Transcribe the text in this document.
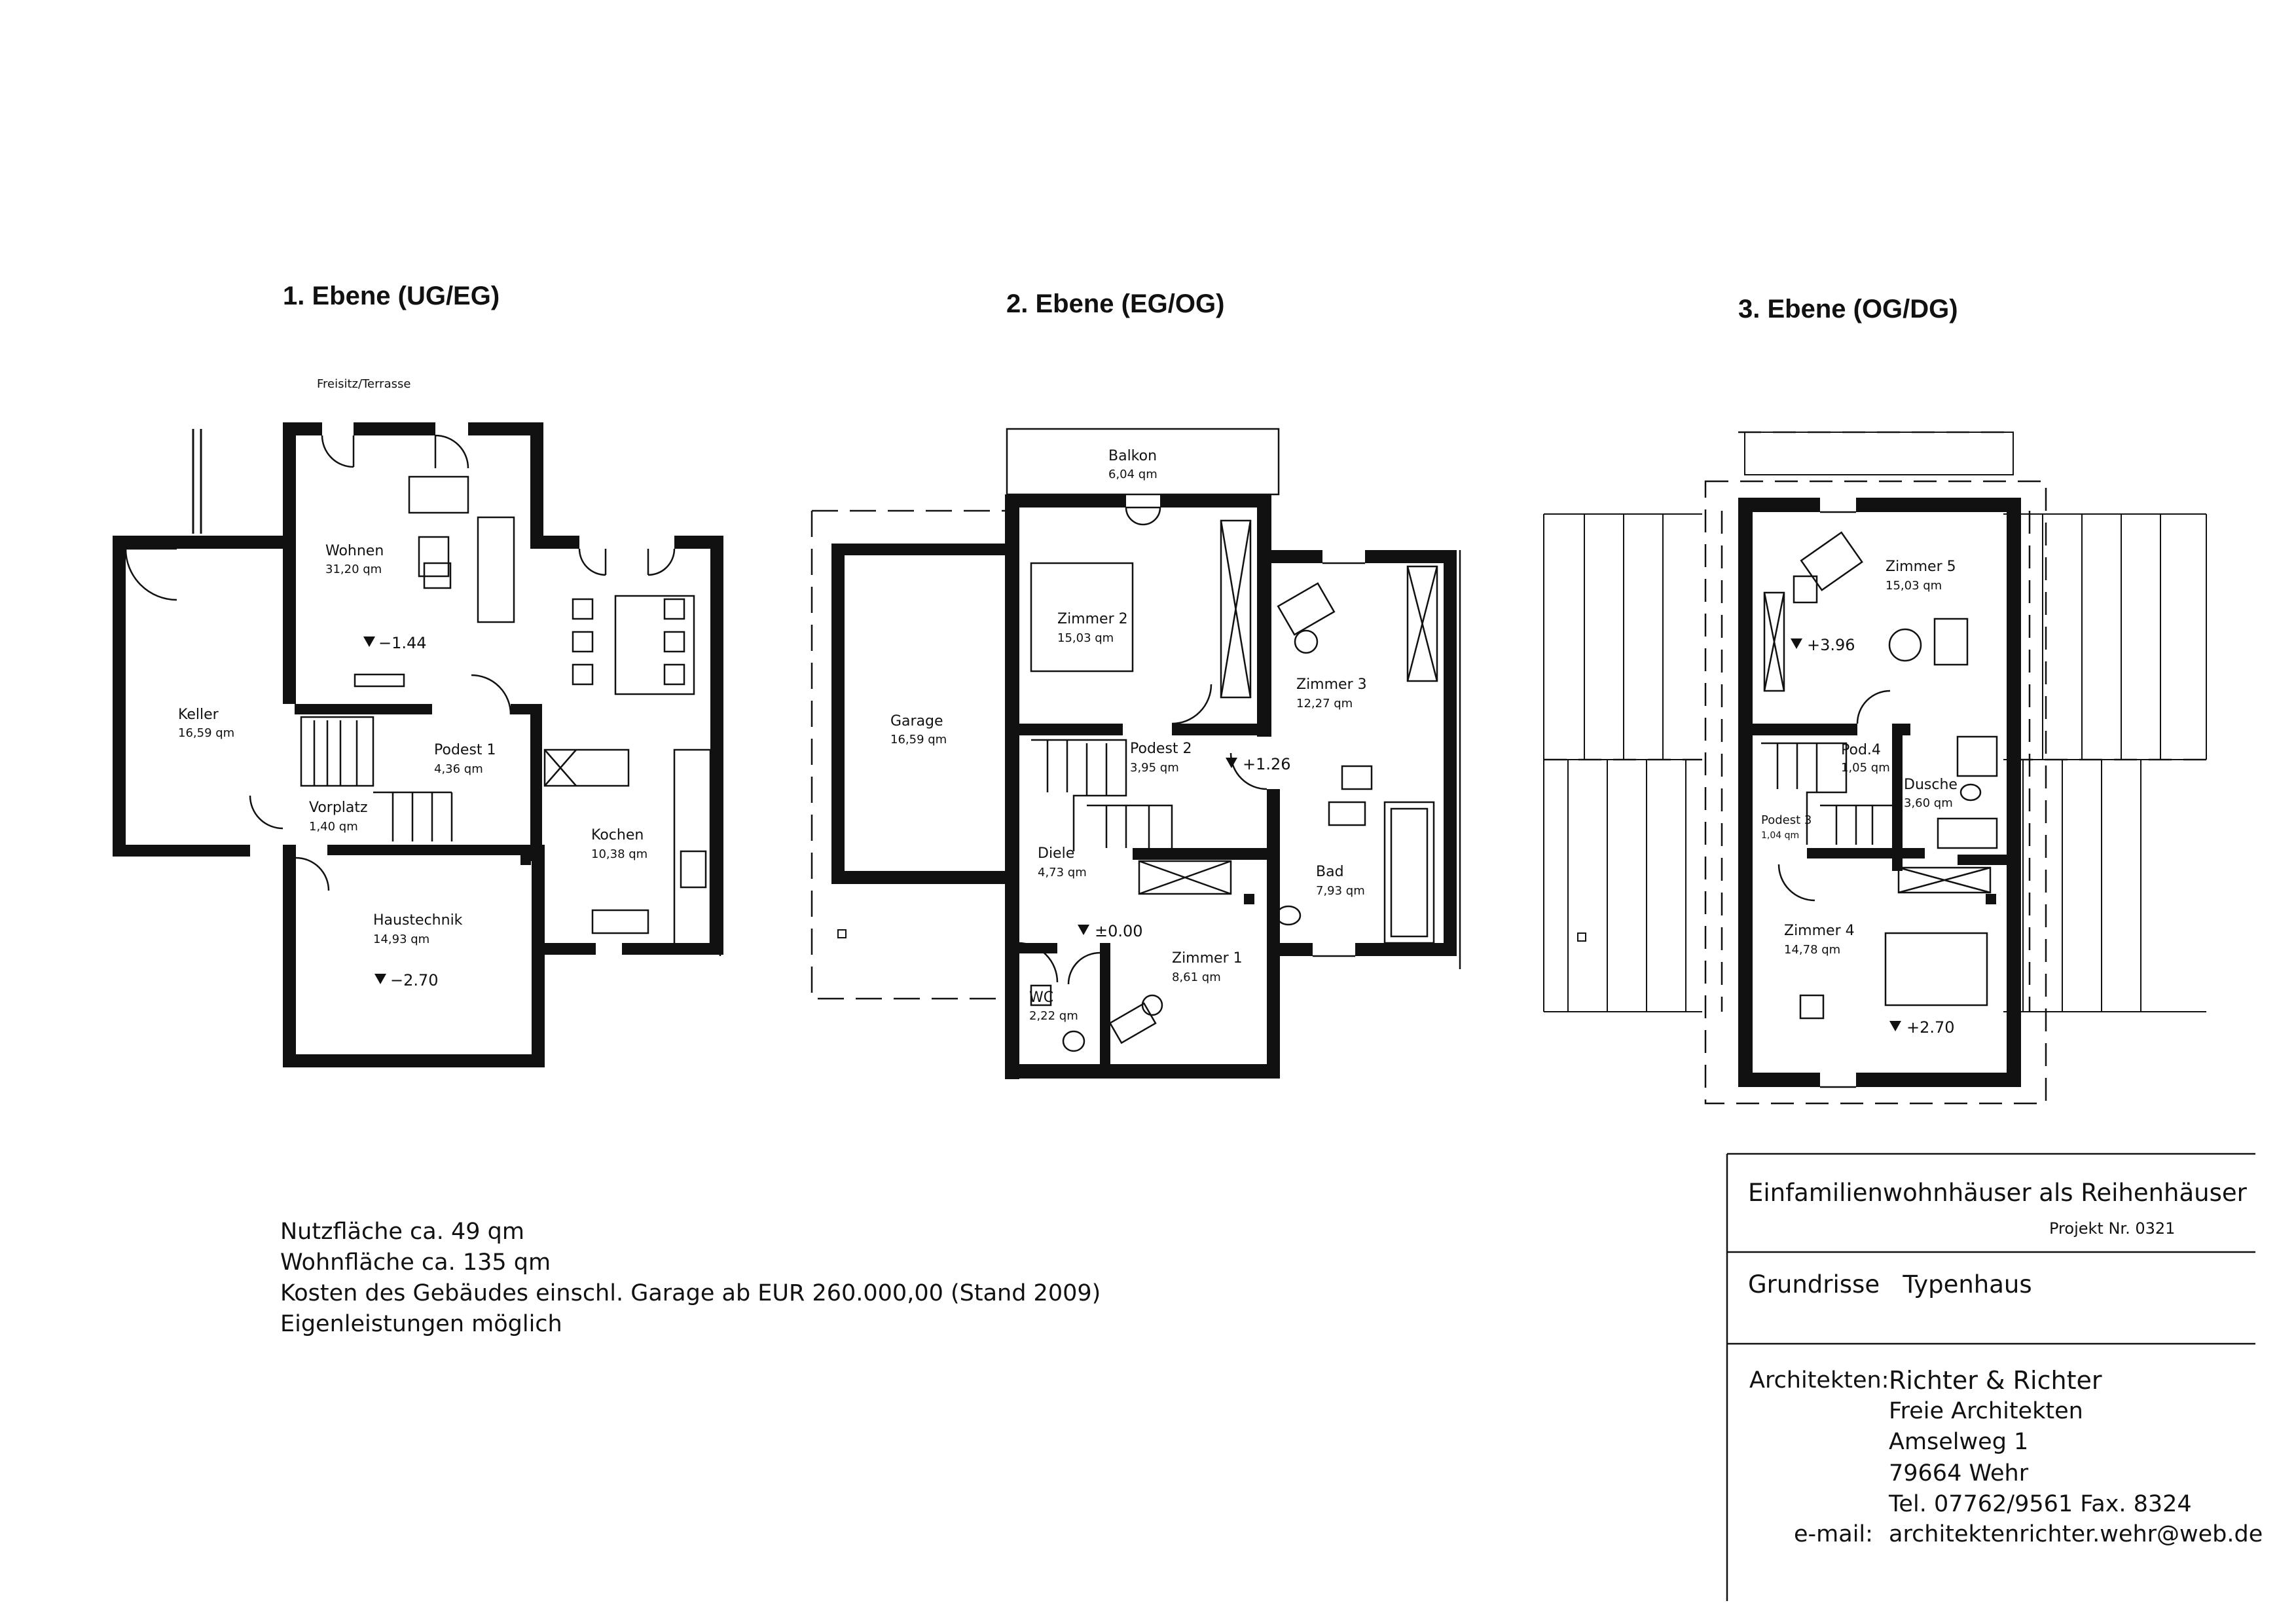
1. Ebene (UG/EG)	2. Ebene (EG/OG)	3. Ebene (OG/DG)
Freisitz/Terrasse
Wohnen
31,20 qm
−1.44
Keller
16,59 qm
Podest 1
4,36 qm
Vorplatz
1,40 qm
Kochen
10,38 qm
Haustechnik
14,93 qm
−2.70
Balkon
6,04 qm
Garage
16,59 qm
Zimmer 2
15,03 qm
Zimmer 3
12,27 qm
Podest 2
3,95 qm	+1.26
Diele
4,73 qm
±0.00
Bad
7,93 qm
Zimmer 1
8,61 qm
WC
2,22 qm
Zimmer 5
15,03 qm
+3.96
Pod.4
1,05 qm
Dusche
3,60 qm
Podest 3
1,04 qm
Zimmer 4
14,78 qm
+2.70
Nutzfläche ca. 49 qm
Wohnfläche ca. 135 qm
Kosten des Gebäudes einschl. Garage ab EUR 260.000,00 (Stand 2009)
Eigenleistungen möglich
Einfamilienwohnhäuser als Reihenhäuser
Projekt Nr. 0321
Grundrisse   Typenhaus
Architekten: Richter & Richter
Freie Architekten
Amselweg 1
79664 Wehr
Tel. 07762/9561 Fax. 8324
e-mail: architektenrichter.wehr@web.de
